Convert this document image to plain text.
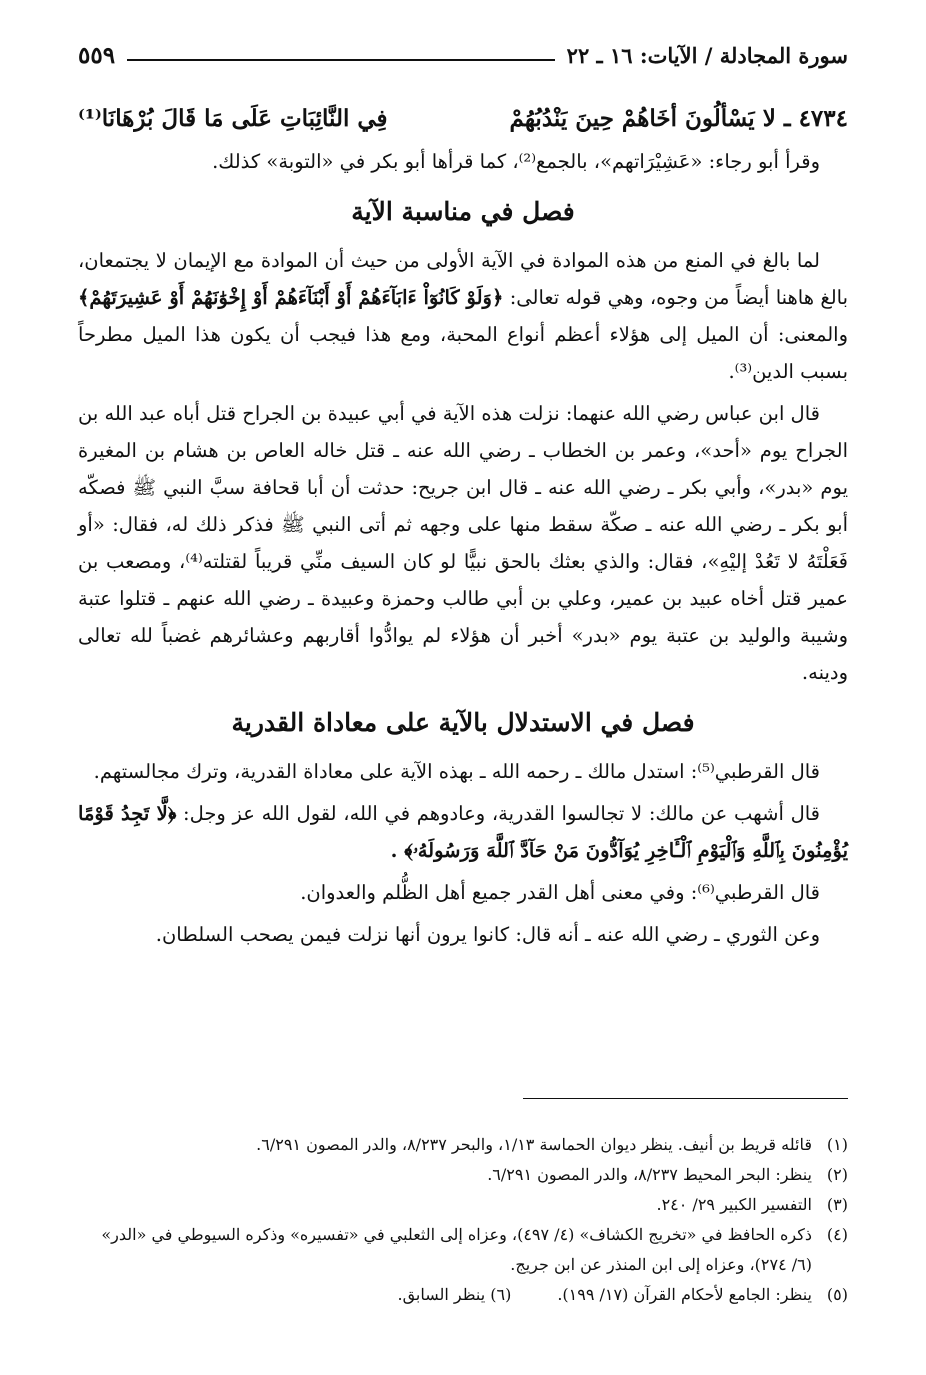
سورة المجادلة / الآيات: ١٦ ـ ٢٢
٥٥٩
٤٧٣٤ ـ لا يَسْألُونَ أخَاهُمْ حِينَ يَنْدُبُهُمْ
فِي النَّائِبَاتِ عَلَى مَا قَالَ بُرْهَانَا⁽¹⁾

وقرأ أبو رجاء: «عَشِيْرَاتهم»، بالجمع⁽²⁾، كما قرأها أبو بكر في «التوبة» كذلك.

فصل في مناسبة الآية

لما بالغ في المنع من هذه الموادة في الآية الأولى من حيث أن الموادة مع الإيمان لا يجتمعان، بالغ هاهنا أيضاً من وجوه، وهي قوله تعالى: ﴿وَلَوْ كَانُوٓاْ ءَابَآءَهُمْ أَوْ أَبْنَآءَهُمْ أَوْ إِخْوَٰنَهُمْ أَوْ عَشِيرَتَهُمْ﴾ والمعنى: أن الميل إلى هؤلاء أعظم أنواع المحبة، ومع هذا فيجب أن يكون هذا الميل مطرحاً بسبب الدين⁽³⁾.

قال ابن عباس رضي الله عنهما: نزلت هذه الآية في أبي عبيدة بن الجراح قتل أباه عبد الله بن الجراح يوم «أحد»، وعمر بن الخطاب ـ رضي الله عنه ـ قتل خاله العاص بن هشام بن المغيرة يوم «بدر»، وأبي بكر ـ رضي الله عنه ـ قال ابن جريح: حدثت أن أبا قحافة سبَّ النبي ﷺ فصكّه أبو بكر ـ رضي الله عنه ـ صكّة سقط منها على وجهه ثم أتى النبي ﷺ فذكر ذلك له، فقال: «أو فَعَلْتَهُ لا تَعُدْ إليْهِ»، فقال: والذي بعثك بالحق نبيًّا لو كان السيف منِّي قريباً لقتلته⁽⁴⁾، ومصعب بن عمير قتل أخاه عبيد بن عمير، وعلي بن أبي طالب وحمزة وعبيدة ـ رضي الله عنهم ـ قتلوا عتبة وشيبة والوليد بن عتبة يوم «بدر» أخبر أن هؤلاء لم يوادُّوا أقاربهم وعشائرهم غضباً لله تعالى ودينه.

فصل في الاستدلال بالآية على معاداة القدرية

قال القرطبي⁽⁵⁾: استدل مالك ـ رحمه الله ـ بهذه الآية على معاداة القدرية، وترك مجالستهم.

قال أشهب عن مالك: لا تجالسوا القدرية، وعادوهم في الله، لقول الله عز وجل: ﴿لَّا تَجِدُ قَوْمًا يُؤْمِنُونَ بِٱللَّهِ وَٱلْيَوْمِ ٱلْـَٔاخِرِ يُوَآدُّونَ مَنْ حَآدَّ ٱللَّهَ وَرَسُولَهُۥ﴾ .

قال القرطبي⁽⁶⁾: وفي معنى أهل القدر جميع أهل الظُّلم والعدوان.

وعن الثوري ـ رضي الله عنه ـ أنه قال: كانوا يرون أنها نزلت فيمن يصحب السلطان.

(١)
قائله قريط بن أنيف. ينظر ديوان الحماسة ١/١٣، والبحر ٨/٢٣٧، والدر المصون ٦/٢٩١.
(٢)
ينظر: البحر المحيط ٨/٢٣٧، والدر المصون ٦/٢٩١.
(٣)
التفسير الكبير ٢٩/ ٢٤٠.
(٤)
ذكره الحافظ في «تخريج الكشاف» (٤/ ٤٩٧)، وعزاه إلى الثعلبي في «تفسيره» وذكره السيوطي في «الدر» (٦/ ٢٧٤)، وعزاه إلى ابن المنذر عن ابن جريج.
(٥)
ينظر: الجامع لأحكام القرآن (١٧/ ١٩٩).
(٦) ينظر السابق.
